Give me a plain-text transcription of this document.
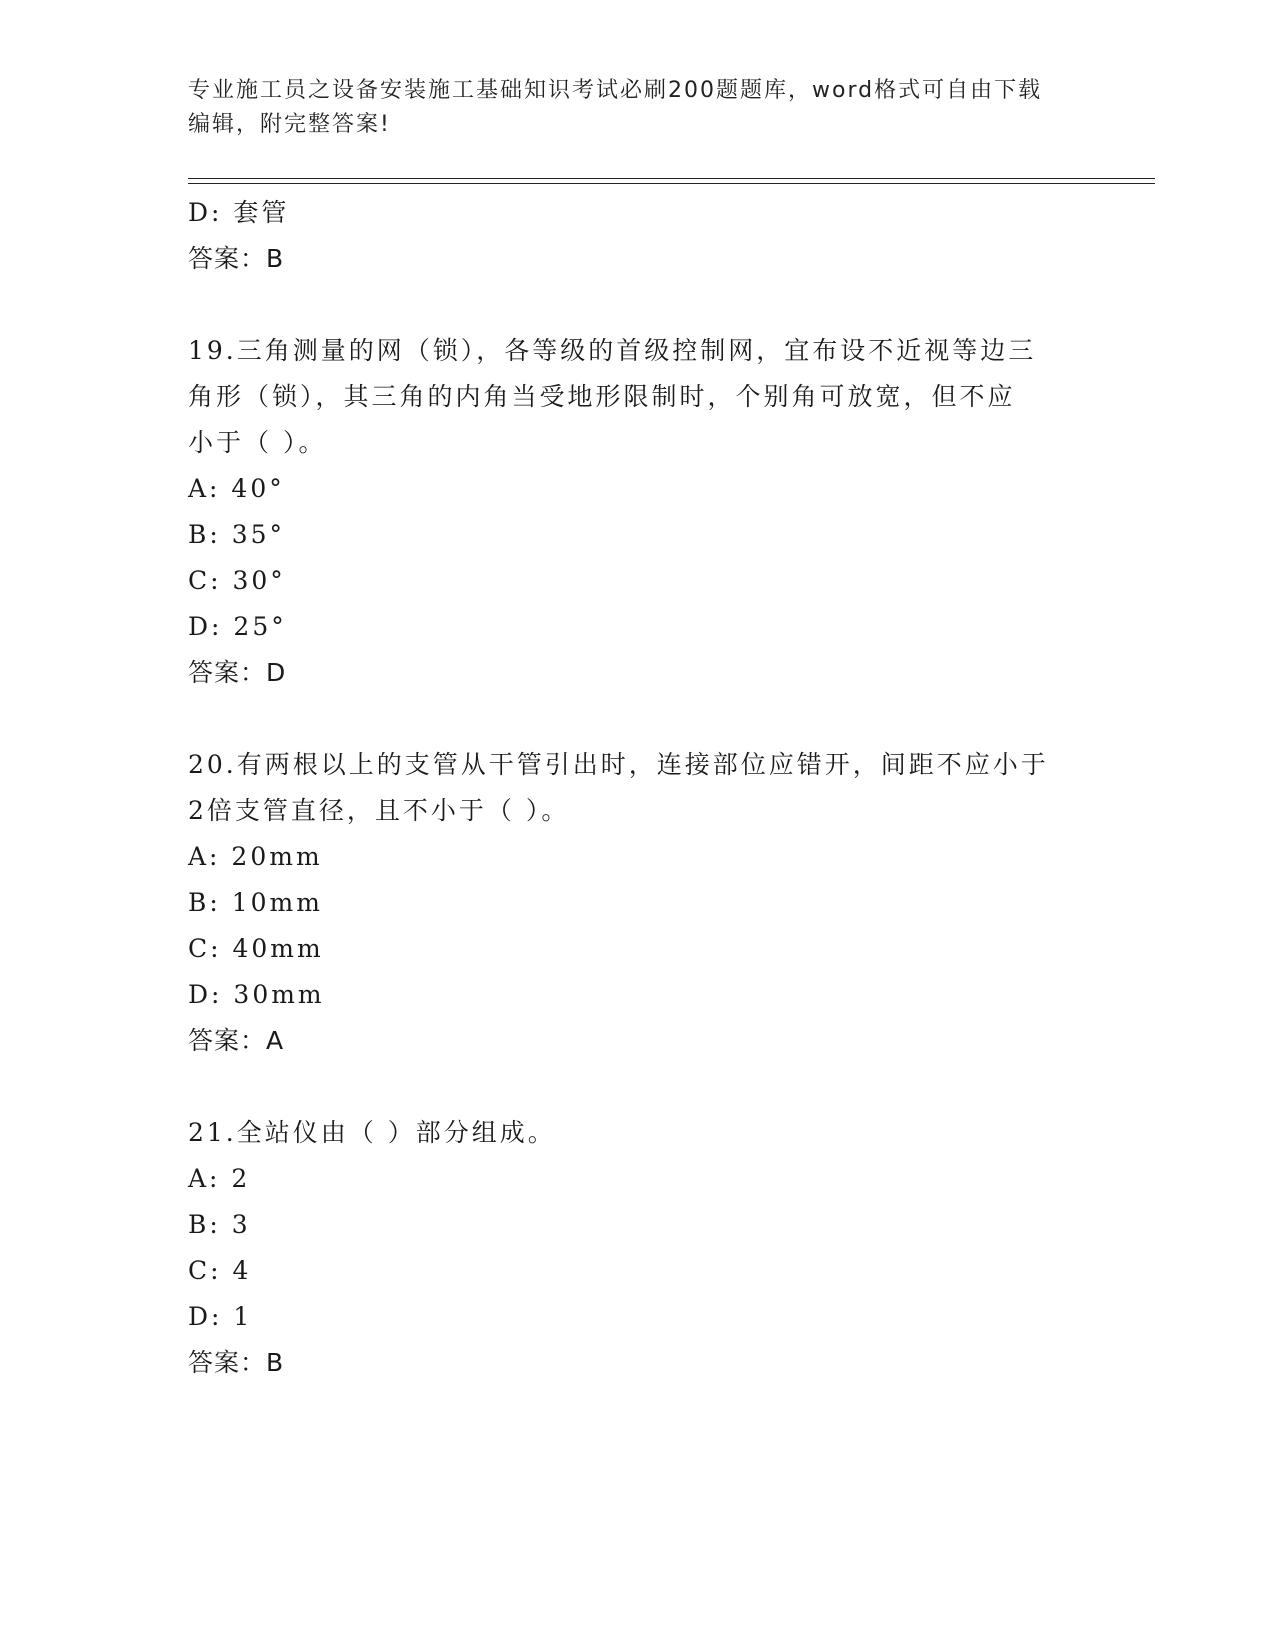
专业施工员之设备安装施工基础知识考试必刷200题题库，word格式可自由下载
编辑，附完整答案!
D: 套管
答案：B
19.三角测量的网（锁），各等级的首级控制网，宜布设不近视等边三
角形（锁），其三角的内角当受地形限制时，个别角可放宽，但不应
小于（ ）。
A: 40°
B: 35°
C: 30°
D: 25°
答案：D
20.有两根以上的支管从干管引出时，连接部位应错开，间距不应小于
2倍支管直径，且不小于（ ）。
A: 20mm
B: 10mm
C: 40mm
D: 30mm
答案：A
21.全站仪由（ ）部分组成。
A: 2
B: 3
C: 4
D: 1
答案：B
